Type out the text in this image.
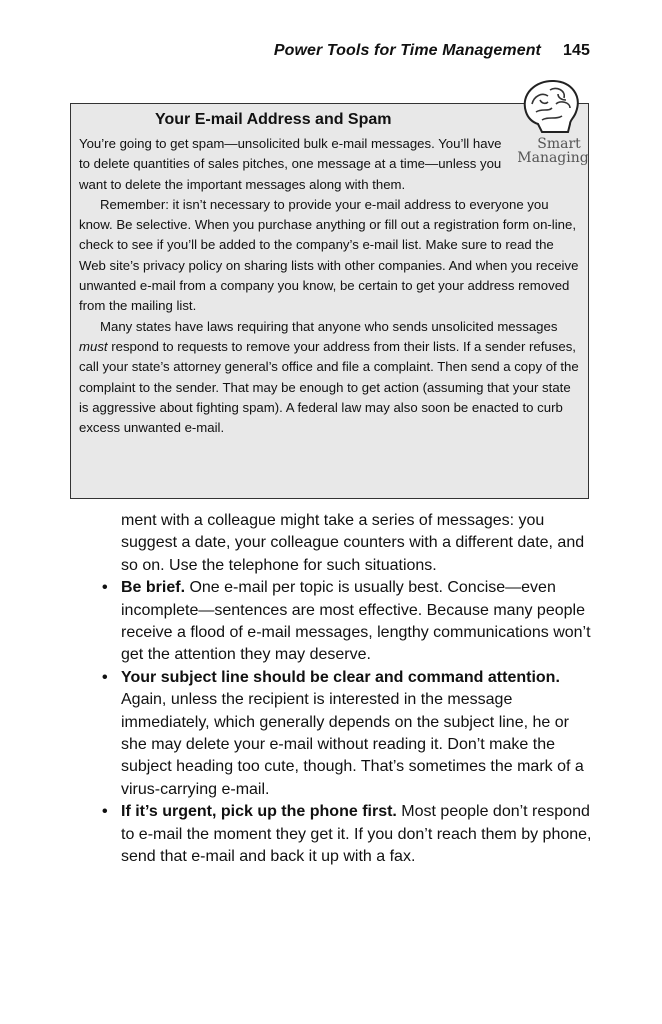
Power Tools for Time Management 145
Your E-mail Address and Spam

You’re going to get spam—unsolicited bulk e-mail messages. You’ll have to delete quantities of sales pitches, one message at a time—unless you want to delete the important messages along with them.

Remember: it isn’t necessary to provide your e-mail address to everyone you know. Be selective. When you purchase anything or fill out a registration form on-line, check to see if you’ll be added to the company’s e-mail list. Make sure to read the Web site’s privacy policy on sharing lists with other companies. And when you receive unwanted e-mail from a company you know, be certain to get your address removed from the mailing list.

Many states have laws requiring that anyone who sends unsolicited messages must respond to requests to remove your address from their lists. If a sender refuses, call your state’s attorney general’s office and file a complaint. Then send a copy of the complaint to the sender. That may be enough to get action (assuming that your state is aggressive about fighting spam). A federal law may also soon be enacted to curb excess unwanted e-mail.

Smart
Managing

ment with a colleague might take a series of messages: you suggest a date, your colleague counters with a different date, and so on. Use the telephone for such situations.

• Be brief. One e-mail per topic is usually best. Concise—even incomplete—sentences are most effective. Because many people receive a flood of e-mail messages, lengthy communications won’t get the attention they may deserve.
• Your subject line should be clear and command attention. Again, unless the recipient is interested in the message immediately, which generally depends on the subject line, he or she may delete your e-mail without reading it. Don’t make the subject heading too cute, though. That’s sometimes the mark of a virus-carrying e-mail.
• If it’s urgent, pick up the phone first. Most people don’t respond to e-mail the moment they get it. If you don’t reach them by phone, send that e-mail and back it up with a fax.
